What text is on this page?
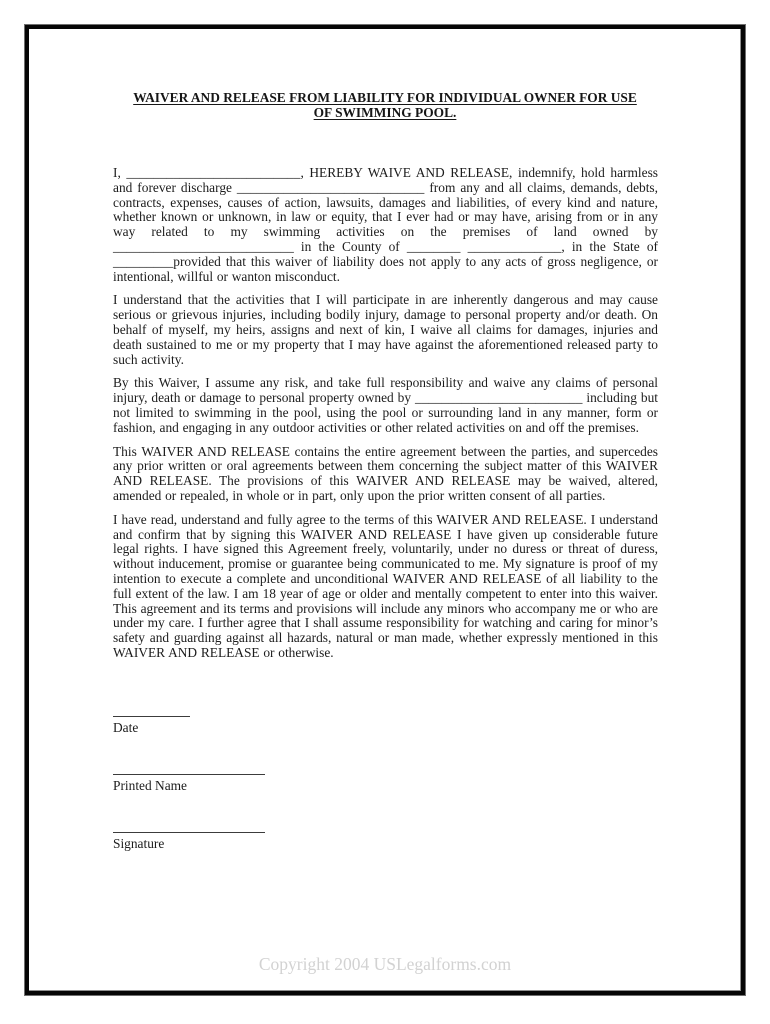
WAIVER AND RELEASE FROM LIABILITY FOR INDIVIDUAL OWNER FOR USE OF SWIMMING POOL.

I, __________________________, HEREBY WAIVE AND RELEASE, indemnify, hold harmless and forever discharge ____________________________ from any and all claims, demands, debts, contracts, expenses, causes of action, lawsuits, damages and liabilities, of every kind and nature, whether known or unknown, in law or equity, that I ever had or may have, arising from or in any way related to my swimming activities on the premises of land owned by ___________________________ in the County of ________ ______________, in the State of _________provided that this waiver of liability does not apply to any acts of gross negligence, or intentional, willful or wanton misconduct.

I understand that the activities that I will participate in are inherently dangerous and may cause serious or grievous injuries, including bodily injury, damage to personal property and/or death. On behalf of myself, my heirs, assigns and next of kin, I waive all claims for damages, injuries and death sustained to me or my property that I may have against the aforementioned released party to such activity.

By this Waiver, I assume any risk, and take full responsibility and waive any claims of personal injury, death or damage to personal property owned by _________________________ including but not limited to swimming in the pool, using the pool or surrounding land in any manner, form or fashion, and engaging in any outdoor activities or other related activities on and off the premises.

This WAIVER AND RELEASE contains the entire agreement between the parties, and supercedes any prior written or oral agreements between them concerning the subject matter of this WAIVER AND RELEASE. The provisions of this WAIVER AND RELEASE may be waived, altered, amended or repealed, in whole or in part, only upon the prior written consent of all parties.

I have read, understand and fully agree to the terms of this WAIVER AND RELEASE. I understand and confirm that by signing this WAIVER AND RELEASE I have given up considerable future legal rights. I have signed this Agreement freely, voluntarily, under no duress or threat of duress, without inducement, promise or guarantee being communicated to me. My signature is proof of my intention to execute a complete and unconditional WAIVER AND RELEASE of all liability to the full extent of the law. I am 18 year of age or older and mentally competent to enter into this waiver. This agreement and its terms and provisions will include any minors who accompany me or who are under my care. I further agree that I shall assume responsibility for watching and caring for minor’s safety and guarding against all hazards, natural or man made, whether expressly mentioned in this WAIVER AND RELEASE or otherwise.

Date
Printed Name
Signature
Copyright 2004 USLegalforms.com
